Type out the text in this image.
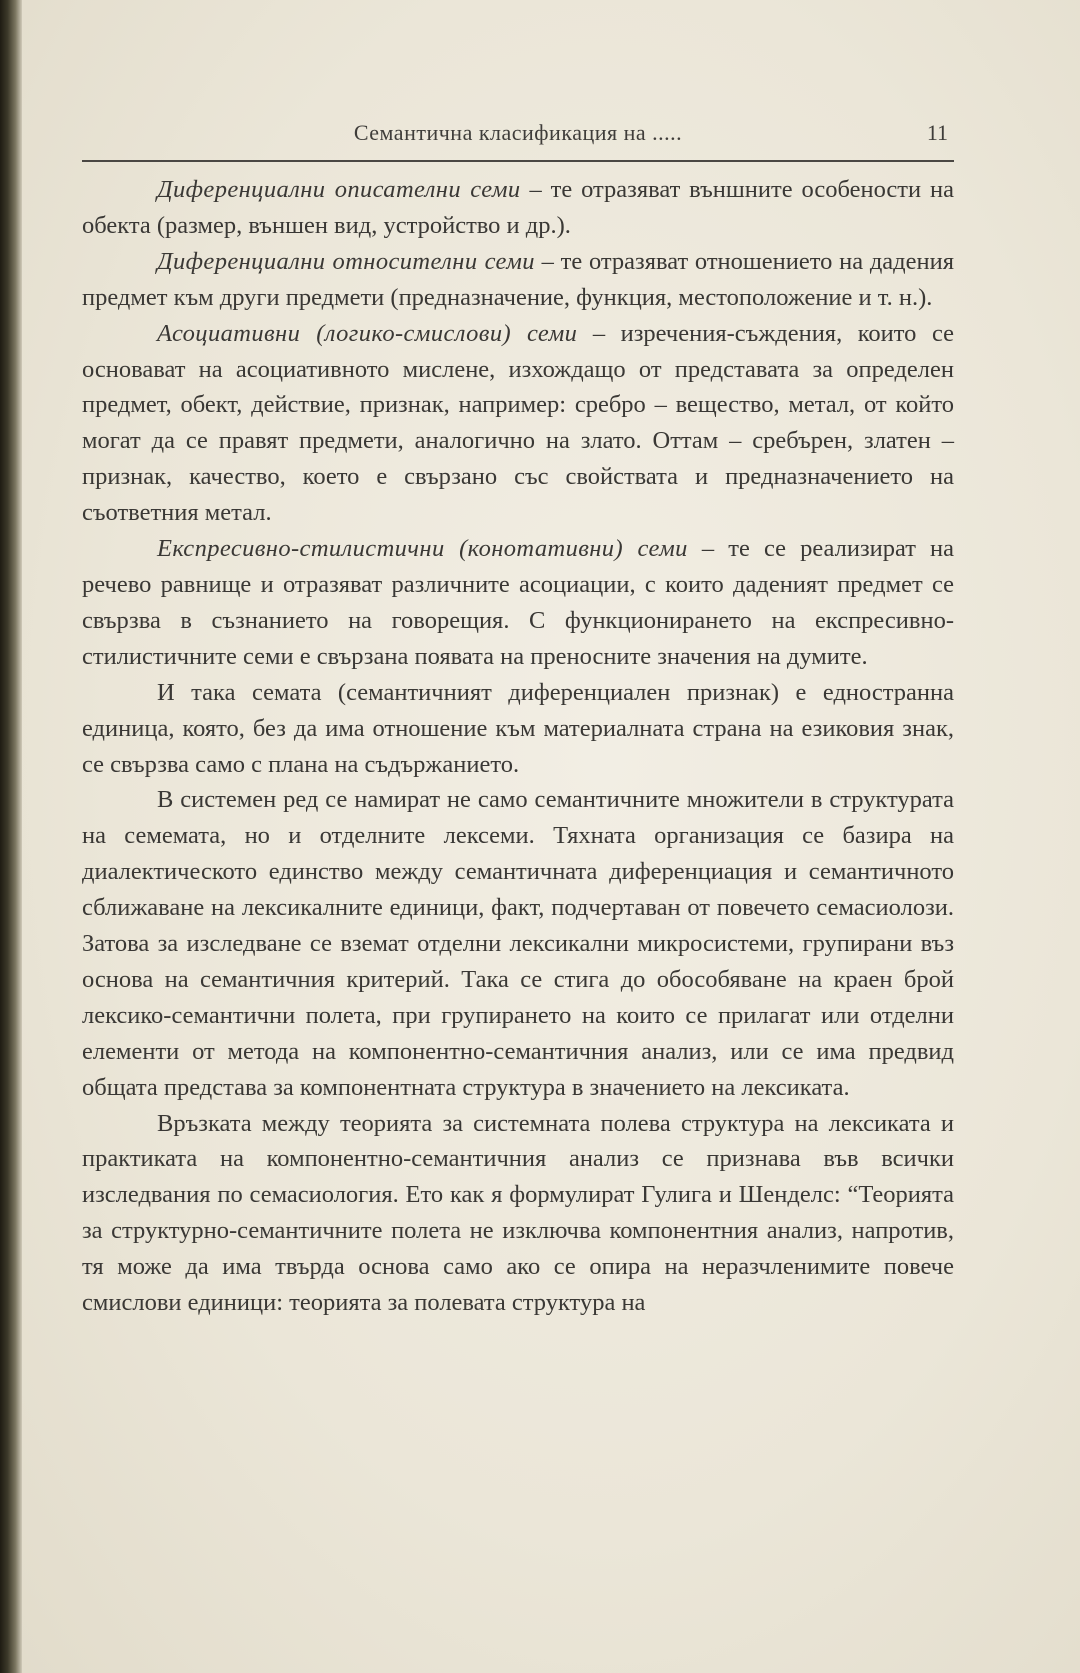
Семантична класификация на .....	11

Диференциални описателни семи – те отразяват външните особености на обекта (размер, външен вид, устройство и др.).

Диференциални относителни семи – те отразяват отношението на дадения предмет към други предмети (предназначение, функция, местоположение и т. н.).

Асоциативни (логико-смислови) семи – изречения-съждения, които се основават на асоциативното мислене, изхождащо от представата за определен предмет, обект, действие, признак, например: сребро – вещество, метал, от който могат да се правят предмети, аналогично на злато. Оттам – сребърен, златен – признак, качество, което е свързано със свойствата и предназначението на съответния метал.

Експресивно-стилистични (конотативни) семи – те се реализират на речево равнище и отразяват различните асоциации, с които даденият предмет се свързва в съзнанието на говорещия. С функционирането на експресивно-стилистичните семи е свързана появата на преносните значения на думите.

И така семата (семантичният диференциален признак) е едностранна единица, която, без да има отношение към материалната страна на езиковия знак, се свързва само с плана на съдържанието.

В системен ред се намират не само семантичните множители в структурата на семемата, но и отделните лексеми. Тяхната организация се базира на диалектическото единство между семантичната диференциация и семантичното сближаване на лексикалните единици, факт, подчертаван от повечето семасиолози. Затова за изследване се вземат отделни лексикални микросистеми, групирани въз основа на семантичния критерий. Така се стига до обособяване на краен брой лексико-семантични полета, при групирането на които се прилагат или отделни елементи от метода на компонентно-семантичния анализ, или се има предвид общата представа за компонентната структура в значението на лексиката.

Връзката между теорията за системната полева структура на лексиката и практиката на компонентно-семантичния анализ се признава във всички изследвания по семасиология. Ето как я формулират Гулига и Шенделс: “Теорията за структурно-семантичните полета не изключва компонентния анализ, напротив, тя може да има твърда основа само ако се опира на неразчленимите повече смислови единици: теорията за полевата структура на
